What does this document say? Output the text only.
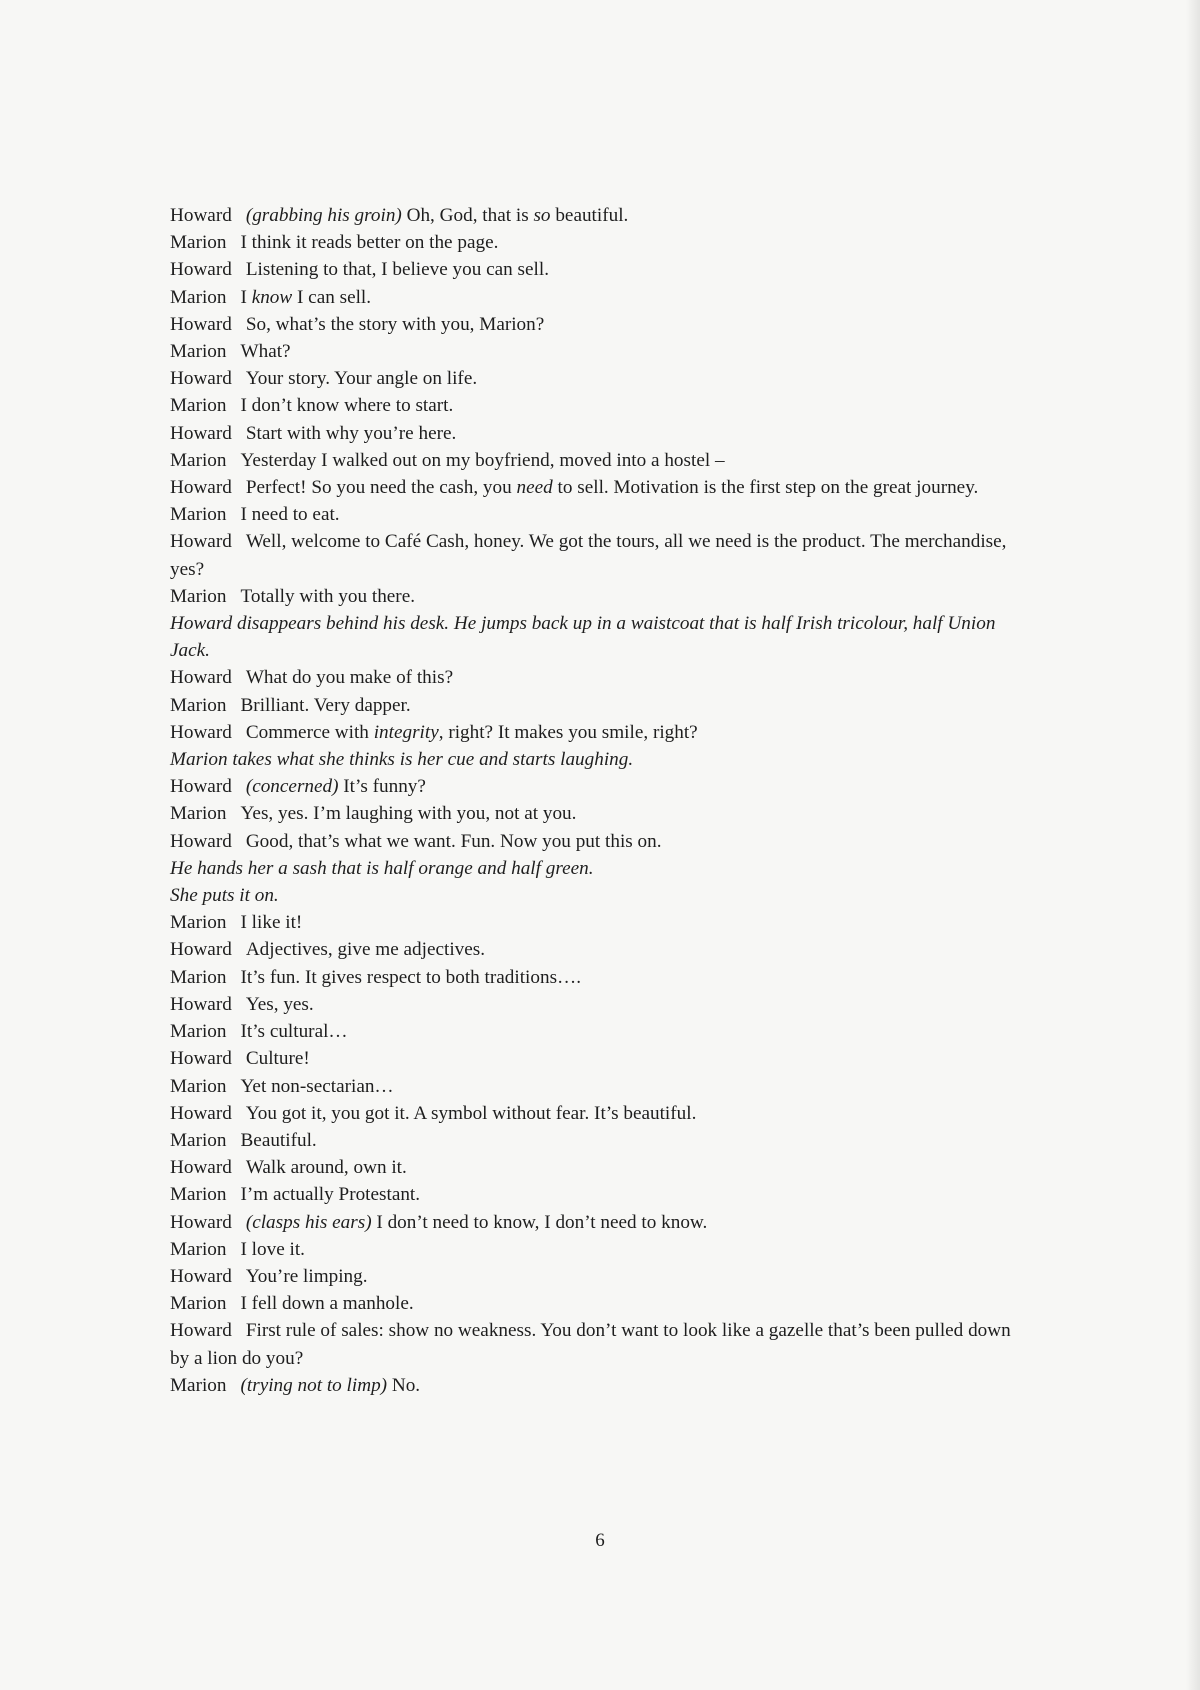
Howard (grabbing his groin) Oh, God, that is so beautiful.

Marion I think it reads better on the page.

Howard Listening to that, I believe you can sell.

Marion I know I can sell.

Howard So, what’s the story with you, Marion?

Marion What?

Howard Your story. Your angle on life.

Marion I don’t know where to start.

Howard Start with why you’re here.

Marion Yesterday I walked out on my boyfriend, moved into a hostel –

Howard Perfect! So you need the cash, you need to sell. Motivation is the first step on the great journey.

Marion I need to eat.

Howard Well, welcome to Café Cash, honey. We got the tours, all we need is the product. The merchandise, yes?

Marion Totally with you there.

Howard disappears behind his desk. He jumps back up in a waistcoat that is half Irish tricolour, half Union Jack.

Howard What do you make of this?

Marion Brilliant. Very dapper.

Howard Commerce with integrity, right? It makes you smile, right?

Marion takes what she thinks is her cue and starts laughing.

Howard (concerned) It’s funny?

Marion Yes, yes. I’m laughing with you, not at you.

Howard Good, that’s what we want. Fun. Now you put this on.

He hands her a sash that is half orange and half green.

She puts it on.

Marion I like it!

Howard Adjectives, give me adjectives.

Marion It’s fun. It gives respect to both traditions….

Howard Yes, yes.

Marion It’s cultural…

Howard Culture!

Marion Yet non-sectarian…

Howard You got it, you got it. A symbol without fear. It’s beautiful.

Marion Beautiful.

Howard Walk around, own it.

Marion I’m actually Protestant.

Howard (clasps his ears) I don’t need to know, I don’t need to know.

Marion I love it.

Howard You’re limping.

Marion I fell down a manhole.

Howard First rule of sales: show no weakness. You don’t want to look like a gazelle that’s been pulled down by a lion do you?

Marion (trying not to limp) No.

6
